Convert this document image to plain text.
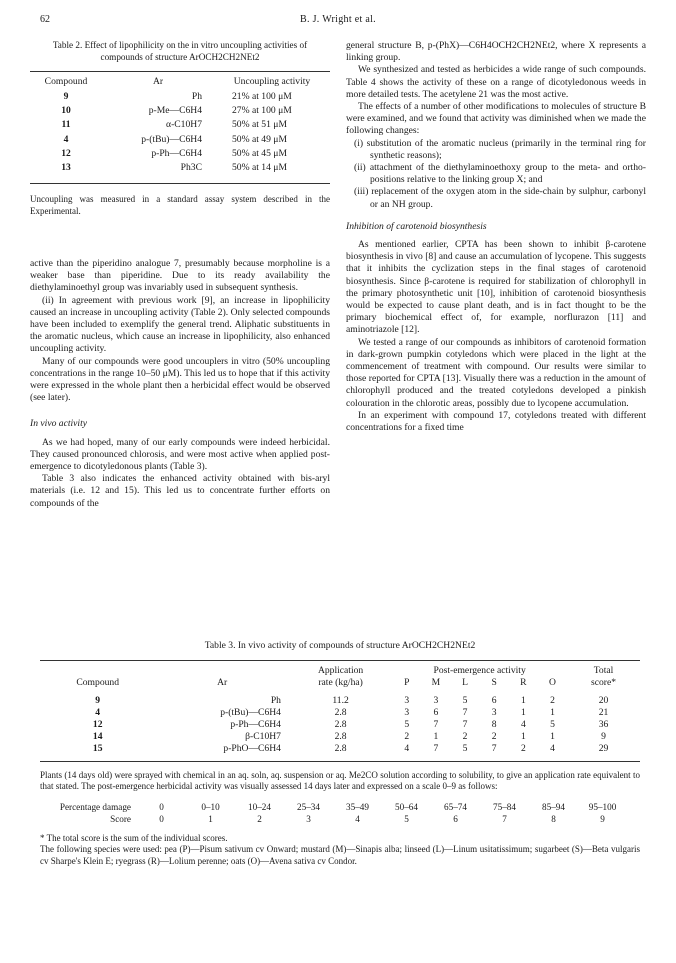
62	B. J. Wright et al.
Table 2. Effect of lipophilicity on the in vitro uncoupling activities of compounds of structure ArOCH2CH2NEt2
Compound	Ar	Uncoupling activity
9	Ph	21% at 100 μM
10	p-Me—C6H4	27% at 100 μM
11	α-C10H7	50% at 51 μM
4	p-(tBu)—C6H4	50% at 49 μM
12	p-Ph—C6H4	50% at 45 μM
13	Ph3C	50% at 14 μM
Uncoupling was measured in a standard assay system described in the Experimental.

active than the piperidino analogue 7, presumably because morpholine is a weaker base than piperidine. Due to its ready availability the diethylaminoethyl group was invariably used in subsequent synthesis.

(ii) In agreement with previous work [9], an increase in lipophilicity caused an increase in uncoupling activity (Table 2). Only selected compounds have been included to exemplify the general trend. Aliphatic substituents in the aromatic nucleus, which cause an increase in lipophilicity, also enhanced uncoupling activity.

Many of our compounds were good uncouplers in vitro (50% uncoupling concentrations in the range 10–50 μM). This led us to hope that if this activity were expressed in the whole plant then a herbicidal effect would be observed (see later).

In vivo activity

As we had hoped, many of our early compounds were indeed herbicidal. They caused pronounced chlorosis, and were most active when applied post-emergence to dicotyledonous plants (Table 3).

Table 3 also indicates the enhanced activity obtained with bis-aryl materials (i.e. 12 and 15). This led us to concentrate further efforts on compounds of the

general structure B, p-(PhX)—C6H4OCH2CH2NEt2, where X represents a linking group.

We synthesized and tested as herbicides a wide range of such compounds. Table 4 shows the activity of these on a range of dicotyledonous weeds in more detailed tests. The acetylene 21 was the most active.

The effects of a number of other modifications to molecules of structure B were examined, and we found that activity was diminished when we made the following changes:

(i) substitution of the aromatic nucleus (primarily in the terminal ring for synthetic reasons);

(ii) attachment of the diethylaminoethoxy group to the meta- and ortho-positions relative to the linking group X; and

(iii) replacement of the oxygen atom in the side-chain by sulphur, carbonyl or an NH group.

Inhibition of carotenoid biosynthesis

As mentioned earlier, CPTA has been shown to inhibit β-carotene biosynthesis in vivo [8] and cause an accumulation of lycopene. This suggests that it inhibits the cyclization steps in the final stages of carotenoid biosynthesis. Since β-carotene is required for stabilization of chlorophyll in the primary photosynthetic unit [10], inhibition of carotenoid biosynthesis would be expected to cause plant death, and is in fact thought to be the primary biochemical effect of, for example, norflurazon [11] and aminotriazole [12].

We tested a range of our compounds as inhibitors of carotenoid formation in dark-grown pumpkin cotyledons which were placed in the light at the commencement of treatment with compound. Our results were similar to those reported for CPTA [13]. Visually there was a reduction in the amount of chlorophyll produced and the treated cotyledons developed a pinkish colouration in the chlorotic areas, possibly due to lycopene accumulation.

In an experiment with compound 17, cotyledons treated with different concentrations for a fixed time

Table 3. In vivo activity of compounds of structure ArOCH2CH2NEt2
		Application	Post-emergence activity						Total
Compound	Ar	rate (kg/ha)	P	M	L	S	R	O	score*
9	Ph	11.2	3	3	5	6	1	2	20
4	p-(tBu)—C6H4	2.8	3	6	7	3	1	1	21
12	p-Ph—C6H4	2.8	5	7	7	8	4	5	36
14	β-C10H7	2.8	2	1	2	2	1	1	9
15	p-PhO—C6H4	2.8	4	7	5	7	2	4	29
Plants (14 days old) were sprayed with chemical in an aq. soln, aq. suspension or aq. Me2CO solution according to solubility, to give an application rate equivalent to that stated. The post-emergence herbicidal activity was visually assessed 14 days later and expressed on a scale 0–9 as follows:
Percentage damage	0	0–10	10–24	25–34	35–49	50–64	65–74	75–84	85–94	95–100
Score	0	1	2	3	4	5	6	7	8	9
* The total score is the sum of the individual scores.
The following species were used: pea (P)—Pisum sativum cv Onward; mustard (M)—Sinapis alba; linseed (L)—Linum usitatissimum; sugarbeet (S)—Beta vulgaris cv Sharpe's Klein E; ryegrass (R)—Lolium perenne; oats (O)—Avena sativa cv Condor.
